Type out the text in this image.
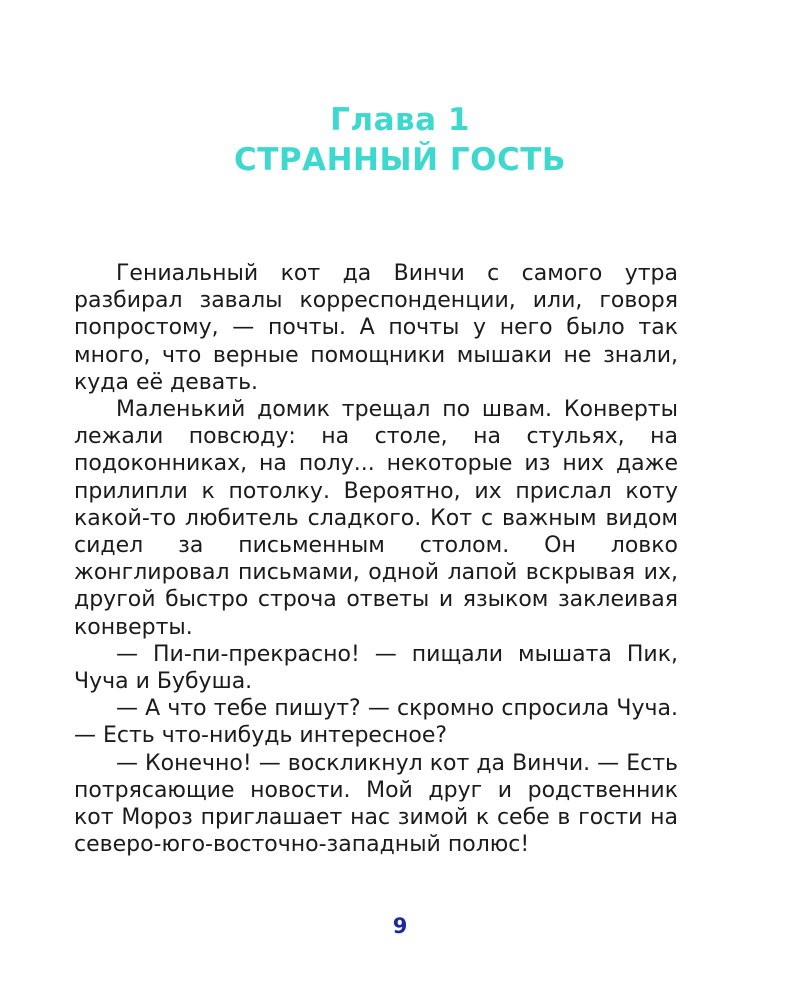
Глава 1
СТРАННЫЙ ГОСТЬ

Гениальный кот да Винчи с самого утра разбирал завалы корреспонденции, или, говоря попростому, — почты. А почты у него было так много, что верные помощники мышаки не знали, куда её девать.

Маленький домик трещал по швам. Конверты лежали повсюду: на столе, на стульях, на подоконниках, на полу... некоторые из них даже прилипли к потолку. Вероятно, их прислал коту какой-то любитель сладкого. Кот с важным видом сидел за письменным столом. Он ловко жонглировал письмами, одной лапой вскрывая их, другой быстро строча ответы и языком заклеивая конверты.

— Пи-пи-прекрасно! — пищали мышата Пик, Чуча и Бубуша.

— А что тебе пишут? — скромно спросила Чуча. — Есть что-нибудь интересное?

— Конечно! — воскликнул кот да Винчи. — Есть потрясающие новости. Мой друг и родственник кот Мороз приглашает нас зимой к себе в гости на северо-юго-восточно-западный полюс!

9
